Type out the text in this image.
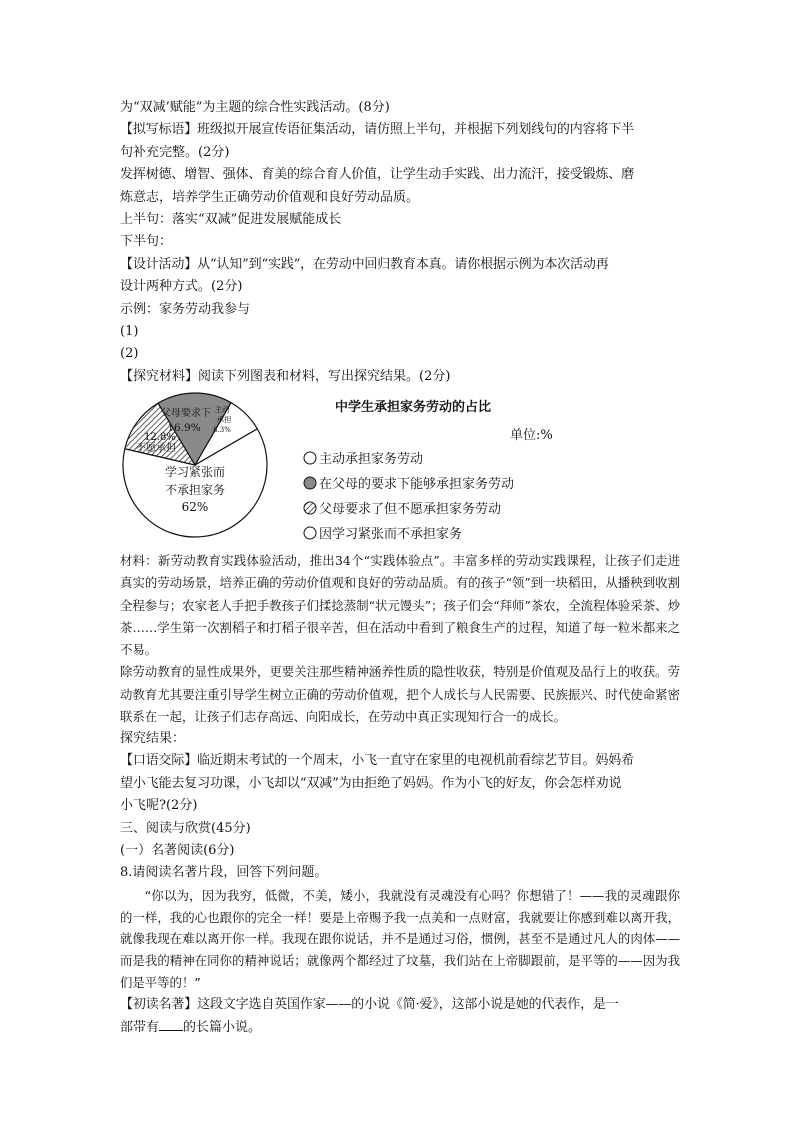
为“双减’赋能”为主题的综合性实践活动。(8分)

【拟写标语】班级拟开展宣传语征集活动，请仿照上半句，并根据下列划线句的内容将下半

句补充完整。(2分)

发挥树德、增智、强体、育美的综合育人价值，让学生动手实践、出力流汗，接受锻炼、磨

炼意志，培养学生正确劳动价值观和良好劳动品质。

上半句：落实“双减”促进发展赋能成长

下半句：

【设计活动】从“认知”到“实践”，在劳动中回归教育本真。请你根据示例为本次活动再

设计两种方式。(2分)

示例：家务劳动我参与

(1)

(2)

【探究材料】阅读下列图表和材料，写出探究结果。(2分)

主动
承担
8.3%
父母要求下
16.9%
12.8%
不愿承担
学习紧张而
不承担家务
62%
中学生承担家务劳动的占比
单位:%
主动承担家务劳动
在父母的要求下能够承担家务劳动
父母要求了但不愿承担家务劳动
因学习紧张而不承担家务

材料：新劳动教育实践体验活动，推出34个“实践体验点”。丰富多样的劳动实践课程，让孩子们走进真实的劳动场景，培养正确的劳动价值观和良好的劳动品质。有的孩子“领”到一块稻田，从播秧到收割全程参与；农家老人手把手教孩子们揉捻蒸制“状元馒头”；孩子们会“拜师”茶农，全流程体验采茶、炒茶……学生第一次割稻子和打稻子很辛苦，但在活动中看到了粮食生产的过程，知道了每一粒米都来之不易。

除劳动教育的显性成果外，更要关注那些精神涵养性质的隐性收获，特别是价值观及品行上的收获。劳动教育尤其要注重引导学生树立正确的劳动价值观，把个人成长与人民需要、民族振兴、时代使命紧密联系在一起，让孩子们志存高远、向阳成长，在劳动中真正实现知行合一的成长。

探究结果：

【口语交际】临近期末考试的一个周末，小飞一直守在家里的电视机前看综艺节目。妈妈希

望小飞能去复习功课，小飞却以“双减”为由拒绝了妈妈。作为小飞的好友，你会怎样劝说

小飞呢?(2分)

三、阅读与欣赏(45分)

(一）名著阅读(6分)

8.请阅读名著片段，回答下列问题。

“你以为，因为我穷，低微，不美，矮小，我就没有灵魂没有心吗？你想错了！——我的灵魂跟你的一样，我的心也跟你的完全一样！要是上帝赐予我一点美和一点财富，我就要让你感到难以离开我，就像我现在难以离开你一样。我现在跟你说话，并不是通过习俗，惯例，甚至不是通过凡人的肉体——而是我的精神在同你的精神说话；就像两个都经过了坟墓，我们站在上帝脚跟前，是平等的——因为我们是平等的！”

【初读名著】这段文字选自英国作家——的小说《简·爱》，这部小说是她的代表作，是一

部带有 的长篇小说。
